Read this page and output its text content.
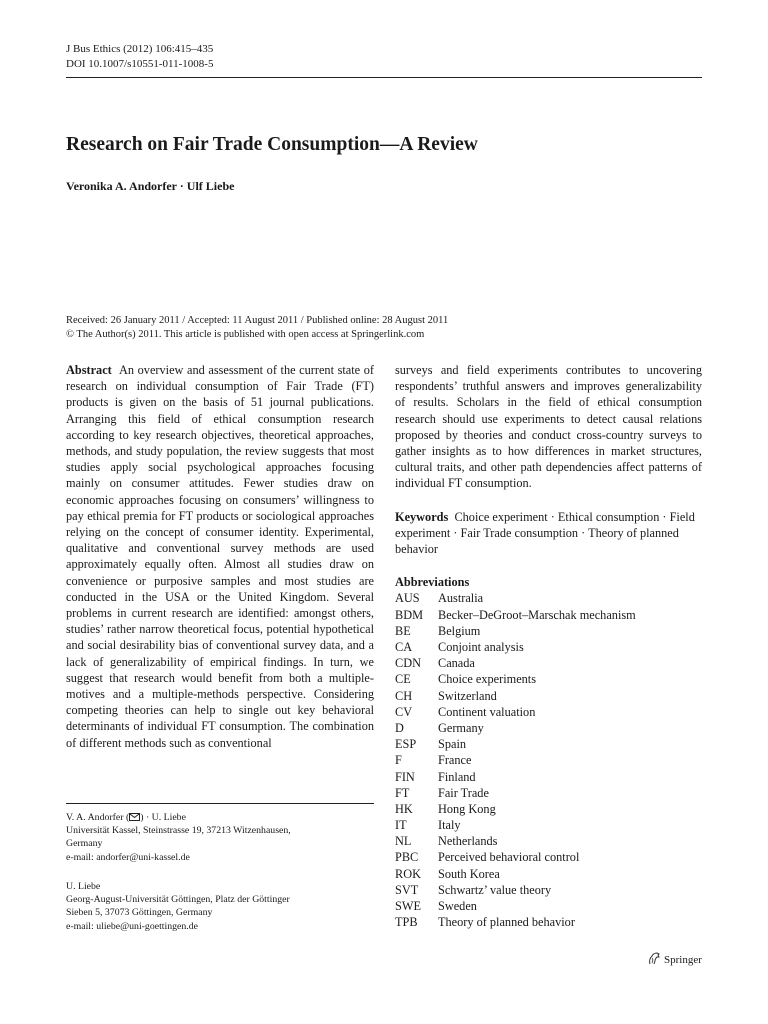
J Bus Ethics (2012) 106:415–435
DOI 10.1007/s10551-011-1008-5
Research on Fair Trade Consumption—A Review
Veronika A. Andorfer · Ulf Liebe
Received: 26 January 2011 / Accepted: 11 August 2011 / Published online: 28 August 2011
© The Author(s) 2011. This article is published with open access at Springerlink.com
Abstract An overview and assessment of the current state of research on individual consumption of Fair Trade (FT) products is given on the basis of 51 journal publications. Arranging this field of ethical consumption research according to key research objectives, theoretical approaches, methods, and study population, the review suggests that most studies apply social psychological approaches focusing mainly on consumer attitudes. Fewer studies draw on economic approaches focusing on consumers’ willingness to pay ethical premia for FT products or sociological approaches relying on the concept of consumer identity. Experimental, qualitative and conventional survey methods are used approximately equally often. Almost all studies draw on convenience or purposive samples and most studies are conducted in the USA or the United Kingdom. Several problems in current research are identified: amongst others, studies’ rather narrow theoretical focus, potential hypothetical and social desirability bias of conventional survey data, and a lack of generalizability of empirical findings. In turn, we suggest that research would benefit from both a multiple-motives and a multiple-methods perspective. Considering competing theories can help to single out key behavioral determinants of individual FT consumption. The combination of different methods such as conventional
surveys and field experiments contributes to uncovering respondents’ truthful answers and improves generalizability of results. Scholars in the field of ethical consumption research should use experiments to detect causal relations proposed by theories and conduct cross-country surveys to gather insights as to how differences in market structures, cultural traits, and other path dependencies affect patterns of individual FT consumption.
Keywords Choice experiment · Ethical consumption · Field experiment · Fair Trade consumption · Theory of planned behavior
Abbreviations
AUS	Australia
BDM	Becker–DeGroot–Marschak mechanism
BE	Belgium
CA	Conjoint analysis
CDN	Canada
CE	Choice experiments
CH	Switzerland
CV	Continent valuation
D	Germany
ESP	Spain
F	France
FIN	Finland
FT	Fair Trade
HK	Hong Kong
IT	Italy
NL	Netherlands
PBC	Perceived behavioral control
ROK	South Korea
SVT	Schwartz’ value theory
SWE	Sweden
TPB	Theory of planned behavior
V. A. Andorfer ( ) · U. Liebe
Universität Kassel, Steinstrasse 19, 37213 Witzenhausen,
Germany
e-mail: andorfer@uni-kassel.de
U. Liebe
Georg-August-Universität Göttingen, Platz der Göttinger
Sieben 5, 37073 Göttingen, Germany
e-mail: uliebe@uni-goettingen.de
Springer
